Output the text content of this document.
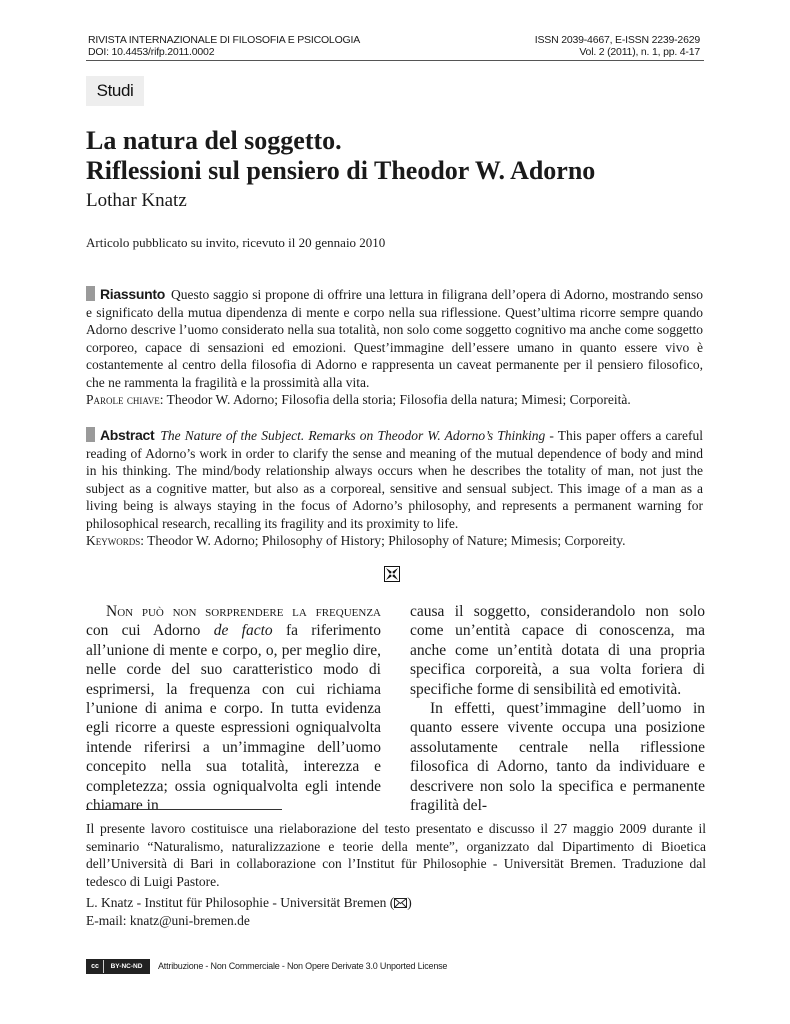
RIVISTA INTERNAZIONALE DI FILOSOFIA E PSICOLOGIA
DOI: 10.4453/rifp.2011.0002
ISSN 2039-4667, E-ISSN 2239-2629
Vol. 2 (2011), n. 1, pp. 4-17
Studi
La natura del soggetto.
Riflessioni sul pensiero di Theodor W. Adorno
Lothar Knatz
Articolo pubblicato su invito, ricevuto il 20 gennaio 2010
Riassunto Questo saggio si propone di offrire una lettura in filigrana dell’opera di Adorno, mostrando senso e significato della mutua dipendenza di mente e corpo nella sua riflessione. Quest’ultima ricorre sempre quando Adorno descrive l’uomo considerato nella sua totalità, non solo come soggetto cognitivo ma anche come soggetto corporeo, capace di sensazioni ed emozioni. Quest’immagine dell’essere umano in quanto essere vivo è costantemente al centro della filosofia di Adorno e rappresenta un caveat permanente per il pensiero filosofico, che ne rammenta la fragilità e la prossimità alla vita.
Parole chiave: Theodor W. Adorno; Filosofia della storia; Filosofia della natura; Mimesi; Corporeità.
Abstract The Nature of the Subject. Remarks on Theodor W. Adorno’s Thinking - This paper offers a careful reading of Adorno’s work in order to clarify the sense and meaning of the mutual dependence of body and mind in his thinking. The mind/body relationship always occurs when he describes the totality of man, not just the subject as a cognitive matter, but also as a corporeal, sensitive and sensual subject. This image of a man as a living being is always staying in the focus of Adorno’s philosophy, and represents a permanent warning for philosophical research, recalling its fragility and its proximity to life.
Keywords: Theodor W. Adorno; Philosophy of History; Philosophy of Nature; Mimesis; Corporeity.

Non può non sorprendere la frequenza con cui Adorno de facto fa riferimento all’unione di mente e corpo, o, per meglio dire, nelle corde del suo caratteristico modo di esprimersi, la frequenza con cui richiama l’unione di anima e corpo. In tutta evidenza egli ricorre a queste espressioni ogniqualvolta intende riferirsi a un’immagine dell’uomo concepito nella sua totalità, interezza e completezza; ossia ogniqualvolta egli intende chiamare in

causa il soggetto, considerandolo non solo come un’entità capace di conoscenza, ma anche come un’entità dotata di una propria specifica corporeità, a sua volta foriera di specifiche forme di sensibilità ed emotività.

In effetti, quest’immagine dell’uomo in quanto essere vivente occupa una posizione assolutamente centrale nella riflessione filosofica di Adorno, tanto da individuare e descrivere non solo la specifica e permanente fragilità del-

Il presente lavoro costituisce una rielaborazione del testo presentato e discusso il 27 maggio 2009 durante il seminario “Naturalismo, naturalizzazione e teorie della mente”, organizzato dal Dipartimento di Bioetica dell’Università di Bari in collaborazione con l’Institut für Philosophie - Universität Bremen. Traduzione dal tedesco di Luigi Pastore.
L. Knatz - Institut für Philosophie - Universität Bremen ( )
E-mail: knatz@uni-bremen.de
cc	BY-NC-ND	Attribuzione - Non Commerciale - Non Opere Derivate 3.0 Unported License
